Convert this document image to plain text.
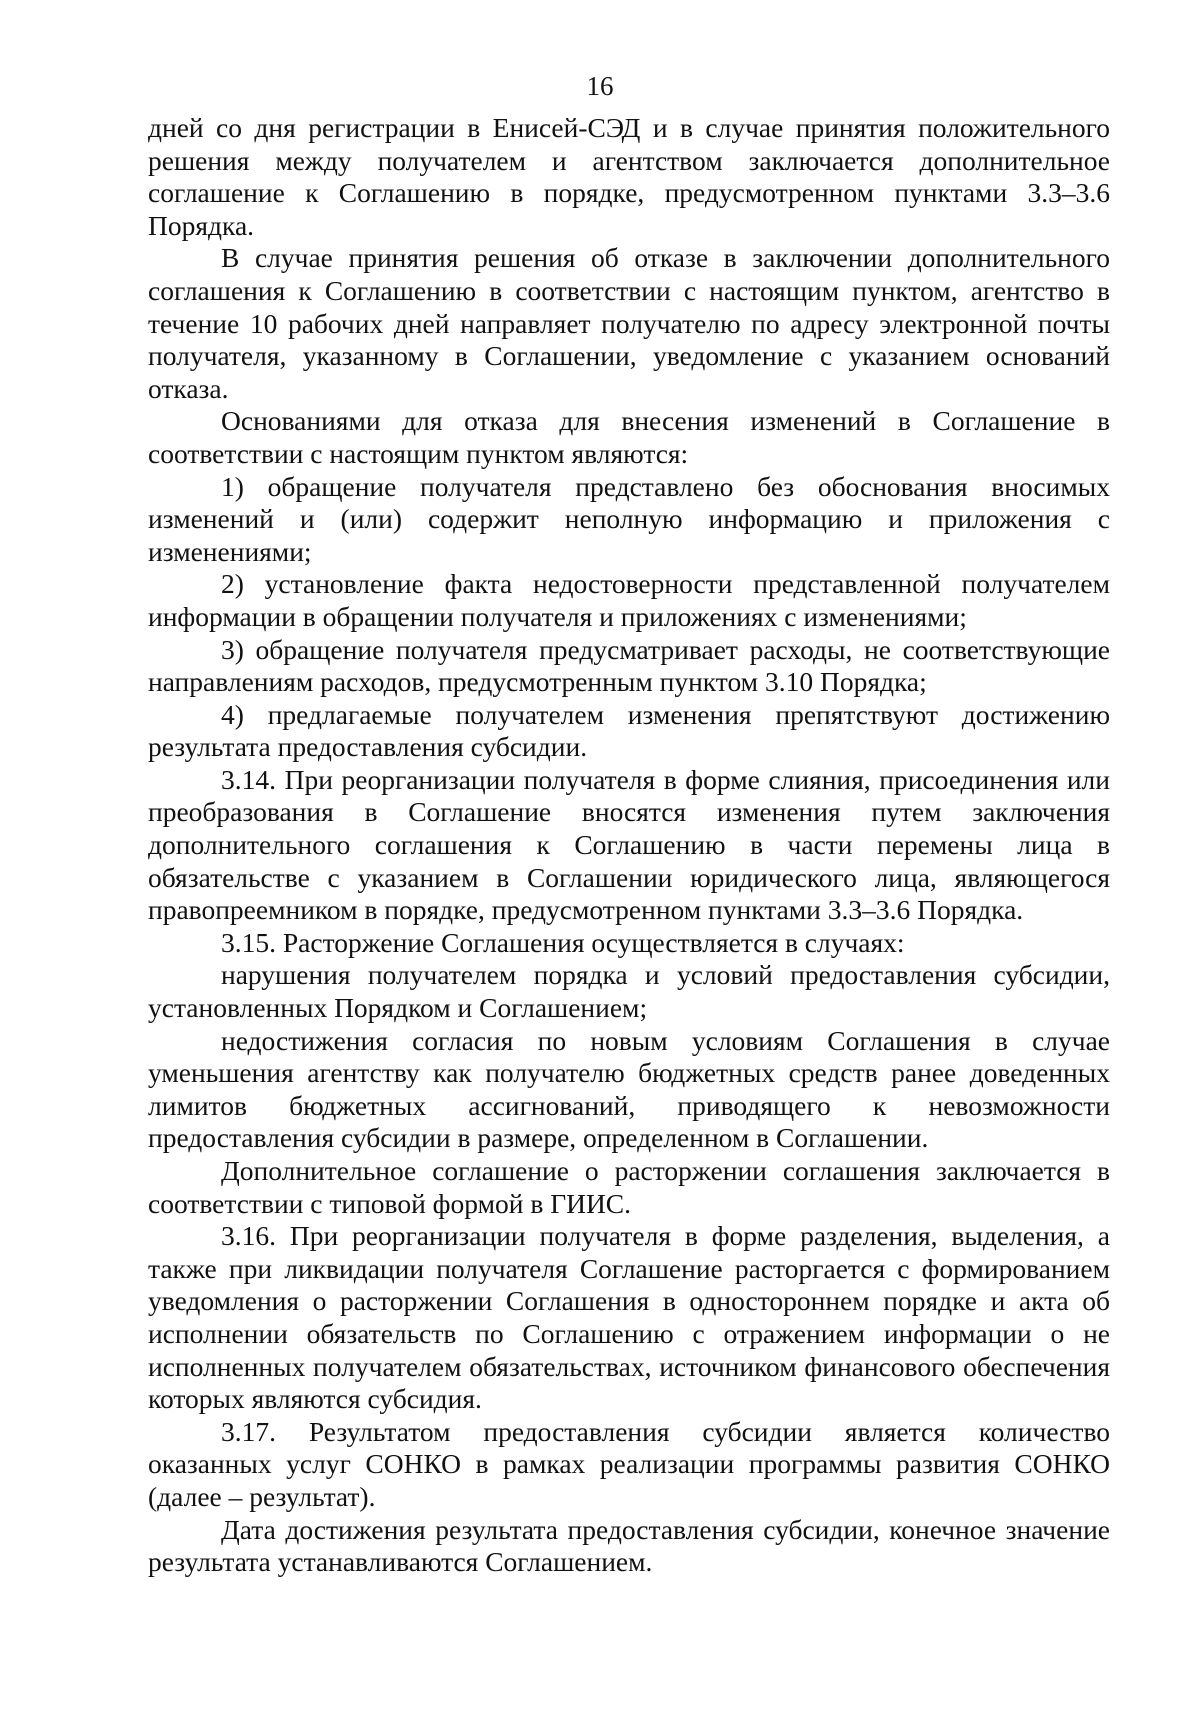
16

дней со дня регистрации в Енисей-СЭД и в случае принятия положительного решения между получателем и агентством заключается дополнительное соглашение к Соглашению в порядке, предусмотренном пунктами 3.3–3.6 Порядка.

В случае принятия решения об отказе в заключении дополнительного соглашения к Соглашению в соответствии с настоящим пунктом, агентство в течение 10 рабочих дней направляет получателю по адресу электронной почты получателя, указанному в Соглашении, уведомление с указанием оснований отказа.

Основаниями для отказа для внесения изменений в Соглашение в соответствии с настоящим пунктом являются:

1) обращение получателя представлено без обоснования вносимых изменений и (или) содержит неполную информацию и приложения с изменениями;

2) установление факта недостоверности представленной получателем информации в обращении получателя и приложениях с изменениями;

3) обращение получателя предусматривает расходы, не соответствующие направлениям расходов, предусмотренным пунктом 3.10 Порядка;

4) предлагаемые получателем изменения препятствуют достижению результата предоставления субсидии.

3.14. При реорганизации получателя в форме слияния, присоединения или преобразования в Соглашение вносятся изменения путем заключения дополнительного соглашения к Соглашению в части перемены лица в обязательстве с указанием в Соглашении юридического лица, являющегося правопреемником в порядке, предусмотренном пунктами 3.3–3.6 Порядка.

3.15. Расторжение Соглашения осуществляется в случаях:

нарушения получателем порядка и условий предоставления субсидии, установленных Порядком и Соглашением;

недостижения согласия по новым условиям Соглашения в случае уменьшения агентству как получателю бюджетных средств ранее доведенных лимитов бюджетных ассигнований, приводящего к невозможности предоставления субсидии в размере, определенном в Соглашении.

Дополнительное соглашение о расторжении соглашения заключается в соответствии с типовой формой в ГИИС.

3.16. При реорганизации получателя в форме разделения, выделения, а также при ликвидации получателя Соглашение расторгается с формированием уведомления о расторжении Соглашения в одностороннем порядке и акта об исполнении обязательств по Соглашению с отражением информации о не исполненных получателем обязательствах, источником финансового обеспечения которых являются субсидия.

3.17. Результатом предоставления субсидии является количество оказанных услуг СОНКО в рамках реализации программы развития СОНКО (далее – результат).

Дата достижения результата предоставления субсидии, конечное значение результата устанавливаются Соглашением.
